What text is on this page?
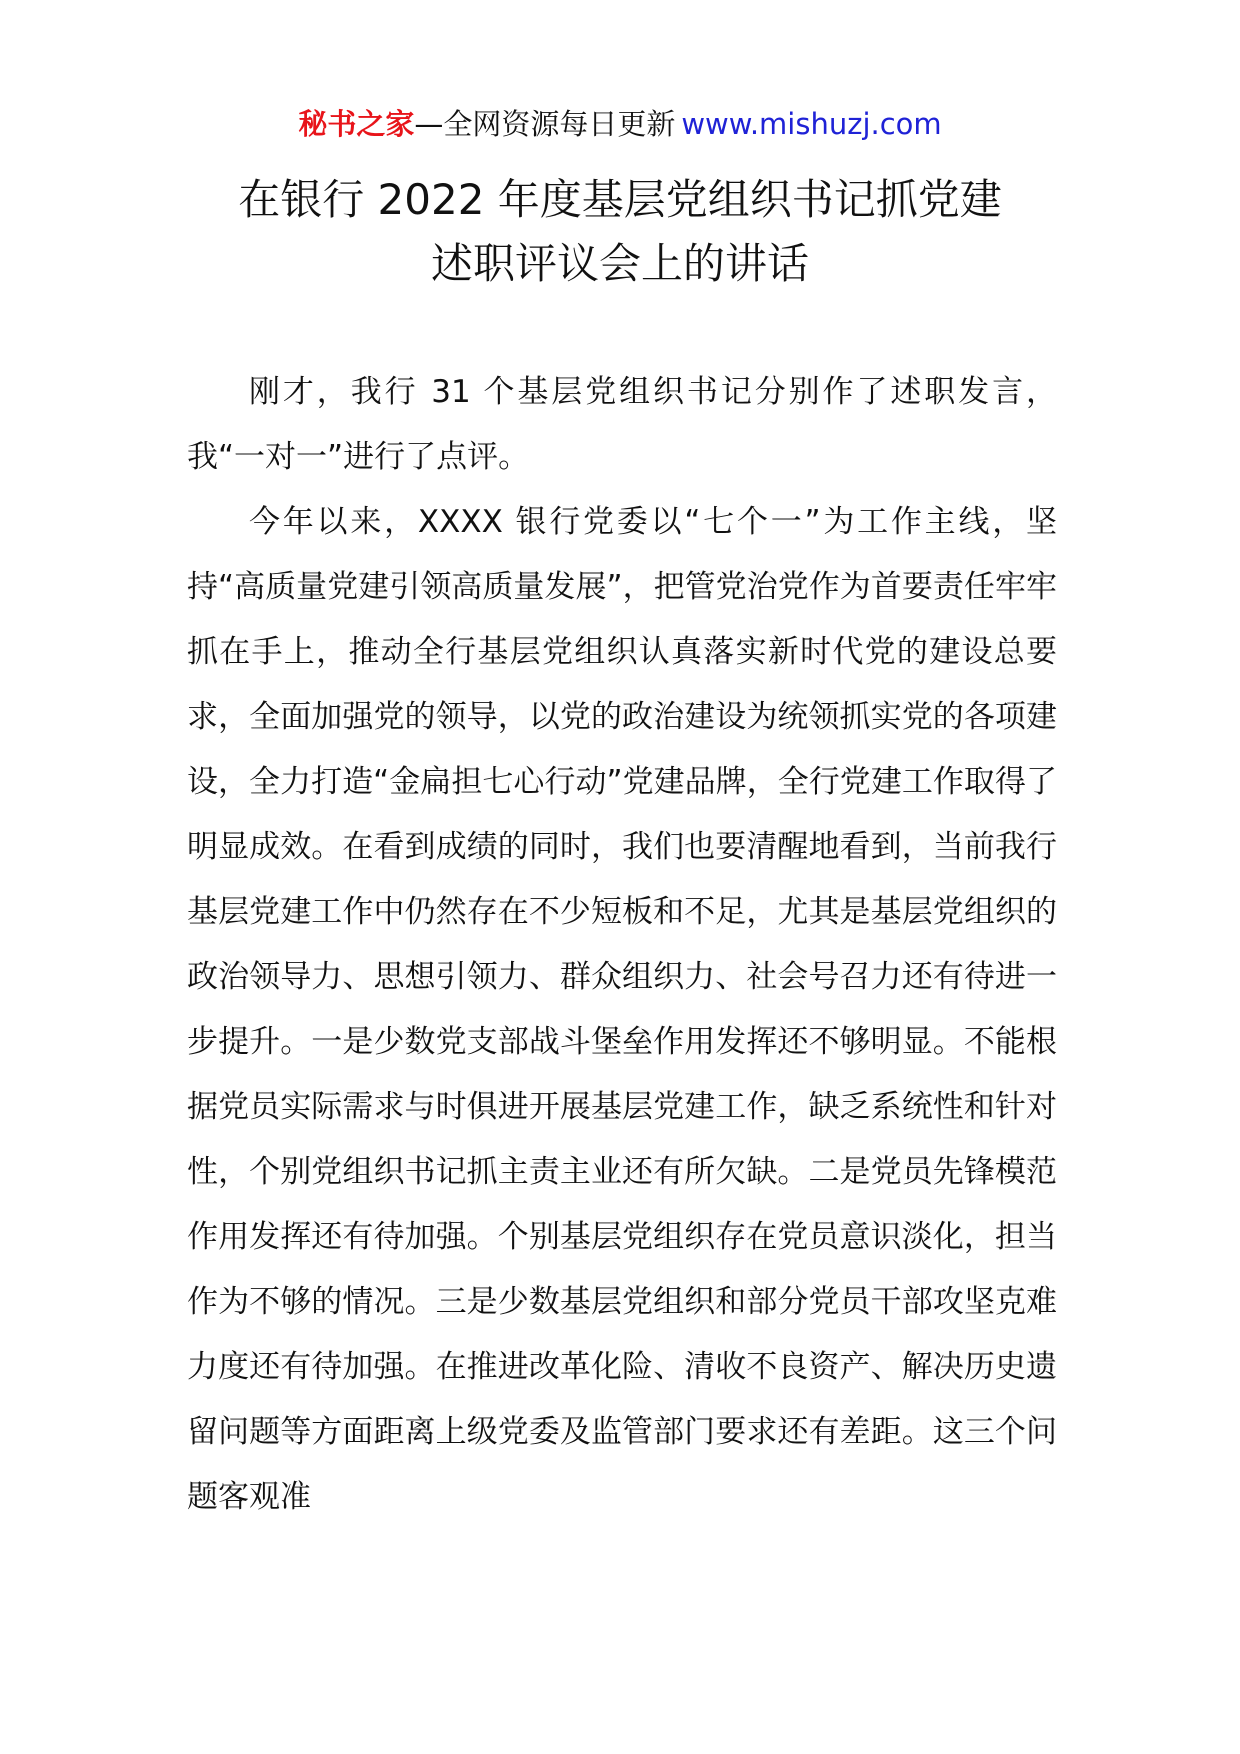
秘书之家—全网资源每日更新 www.mishuzj.com
在银行 2022 年度基层党组织书记抓党建
述职评议会上的讲话

刚才，我行 31 个基层党组织书记分别作了述职发言，我“一对一”进行了点评。

今年以来，XXXX 银行党委以“七个一”为工作主线，坚持“高质量党建引领高质量发展”，把管党治党作为首要责任牢牢抓在手上，推动全行基层党组织认真落实新时代党的建设总要求，全面加强党的领导，以党的政治建设为统领抓实党的各项建设，全力打造“金扁担七心行动”党建品牌，全行党建工作取得了明显成效。在看到成绩的同时，我们也要清醒地看到，当前我行基层党建工作中仍然存在不少短板和不足，尤其是基层党组织的政治领导力、思想引领力、群众组织力、社会号召力还有待进一步提升。一是少数党支部战斗堡垒作用发挥还不够明显。不能根据党员实际需求与时俱进开展基层党建工作，缺乏系统性和针对性，个别党组织书记抓主责主业还有所欠缺。二是党员先锋模范作用发挥还有待加强。个别基层党组织存在党员意识淡化，担当作为不够的情况。三是少数基层党组织和部分党员干部攻坚克难力度还有待加强。在推进改革化险、清收不良资产、解决历史遗留问题等方面距离上级党委及监管部门要求还有差距。这三个问题客观准
